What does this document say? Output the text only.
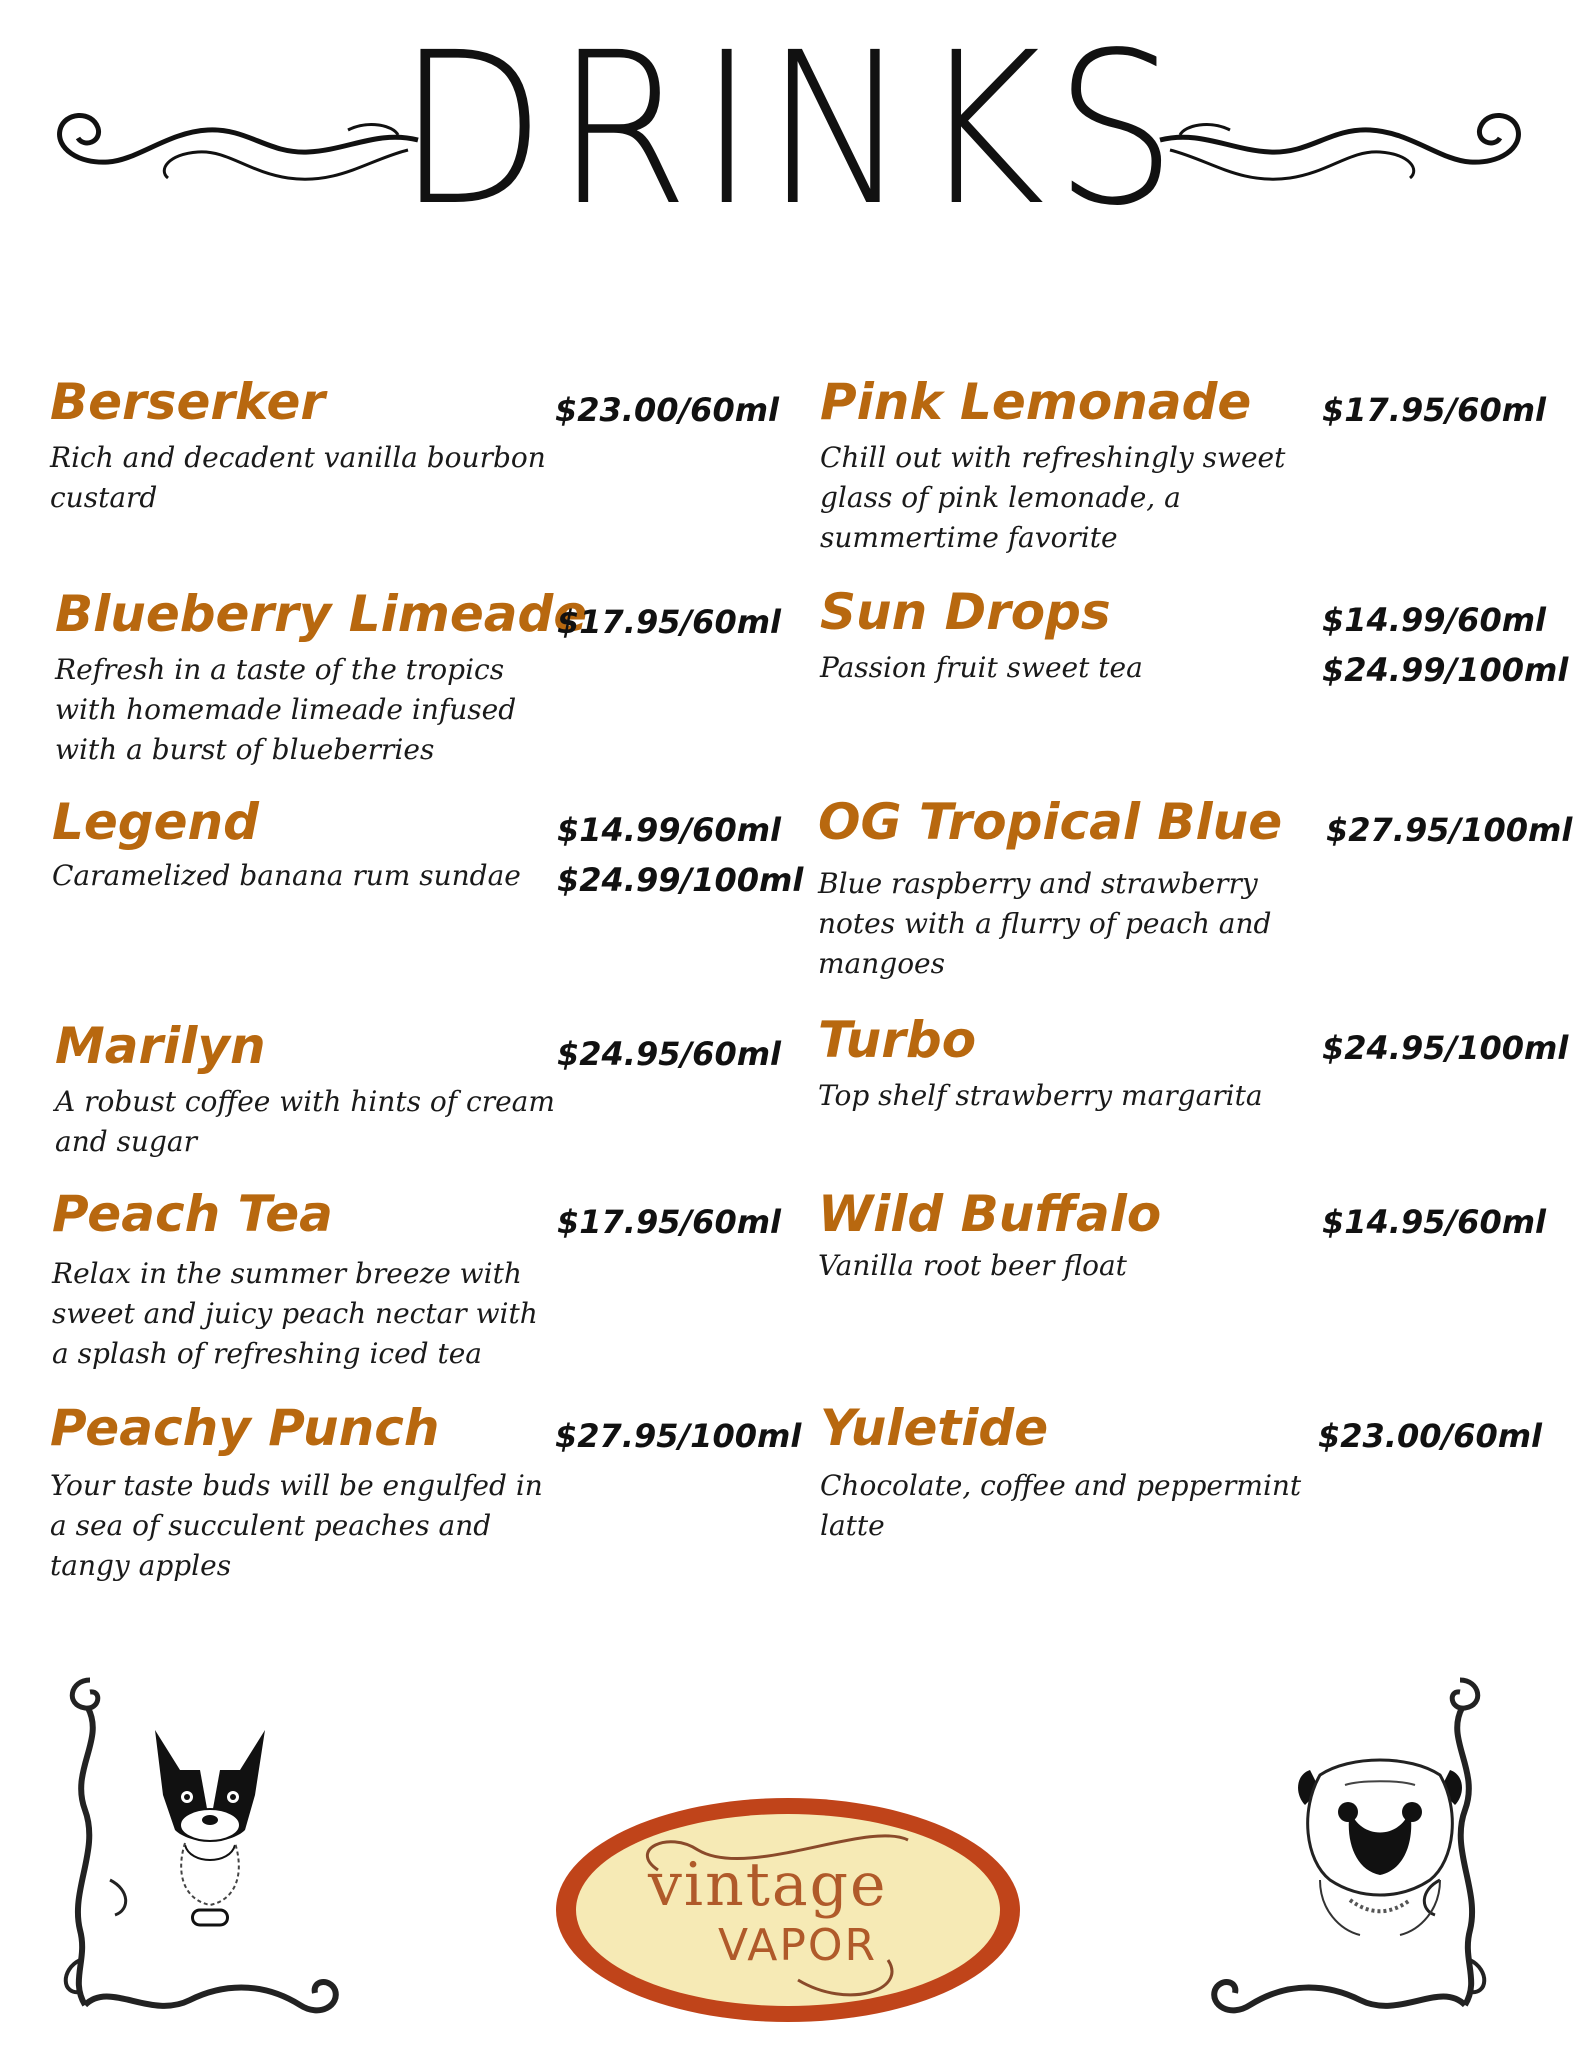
DRINKS
Berserker
Rich and decadent vanilla bourbon custard
$23.00/60ml
Blueberry Limeade
Refresh in a taste of the tropics with homemade limeade infused with a burst of blueberries
$17.95/60ml
Legend
Caramelized banana rum sundae
$14.99/60ml
$24.99/100ml
Marilyn
A robust coffee with hints of cream and sugar
$24.95/60ml
Peach Tea
Relax in the summer breeze with sweet and juicy peach nectar with a splash of refreshing iced tea
$17.95/60ml
Peachy Punch
Your taste buds will be engulfed in a sea of succulent peaches and tangy apples
$27.95/100ml
Pink Lemonade
Chill out with refreshingly sweet glass of pink lemonade, a summertime favorite
$17.95/60ml
Sun Drops
Passion fruit sweet tea
$14.99/60ml
$24.99/100ml
OG Tropical Blue
Blue raspberry and strawberry notes with a flurry of peach and mangoes
$27.95/100ml
Turbo
Top shelf strawberry margarita
$24.95/100ml
Wild Buffalo
Vanilla root beer float
$14.95/60ml
Yuletide
Chocolate, coffee and peppermint latte
$23.00/60ml
vintage
VAPOR
